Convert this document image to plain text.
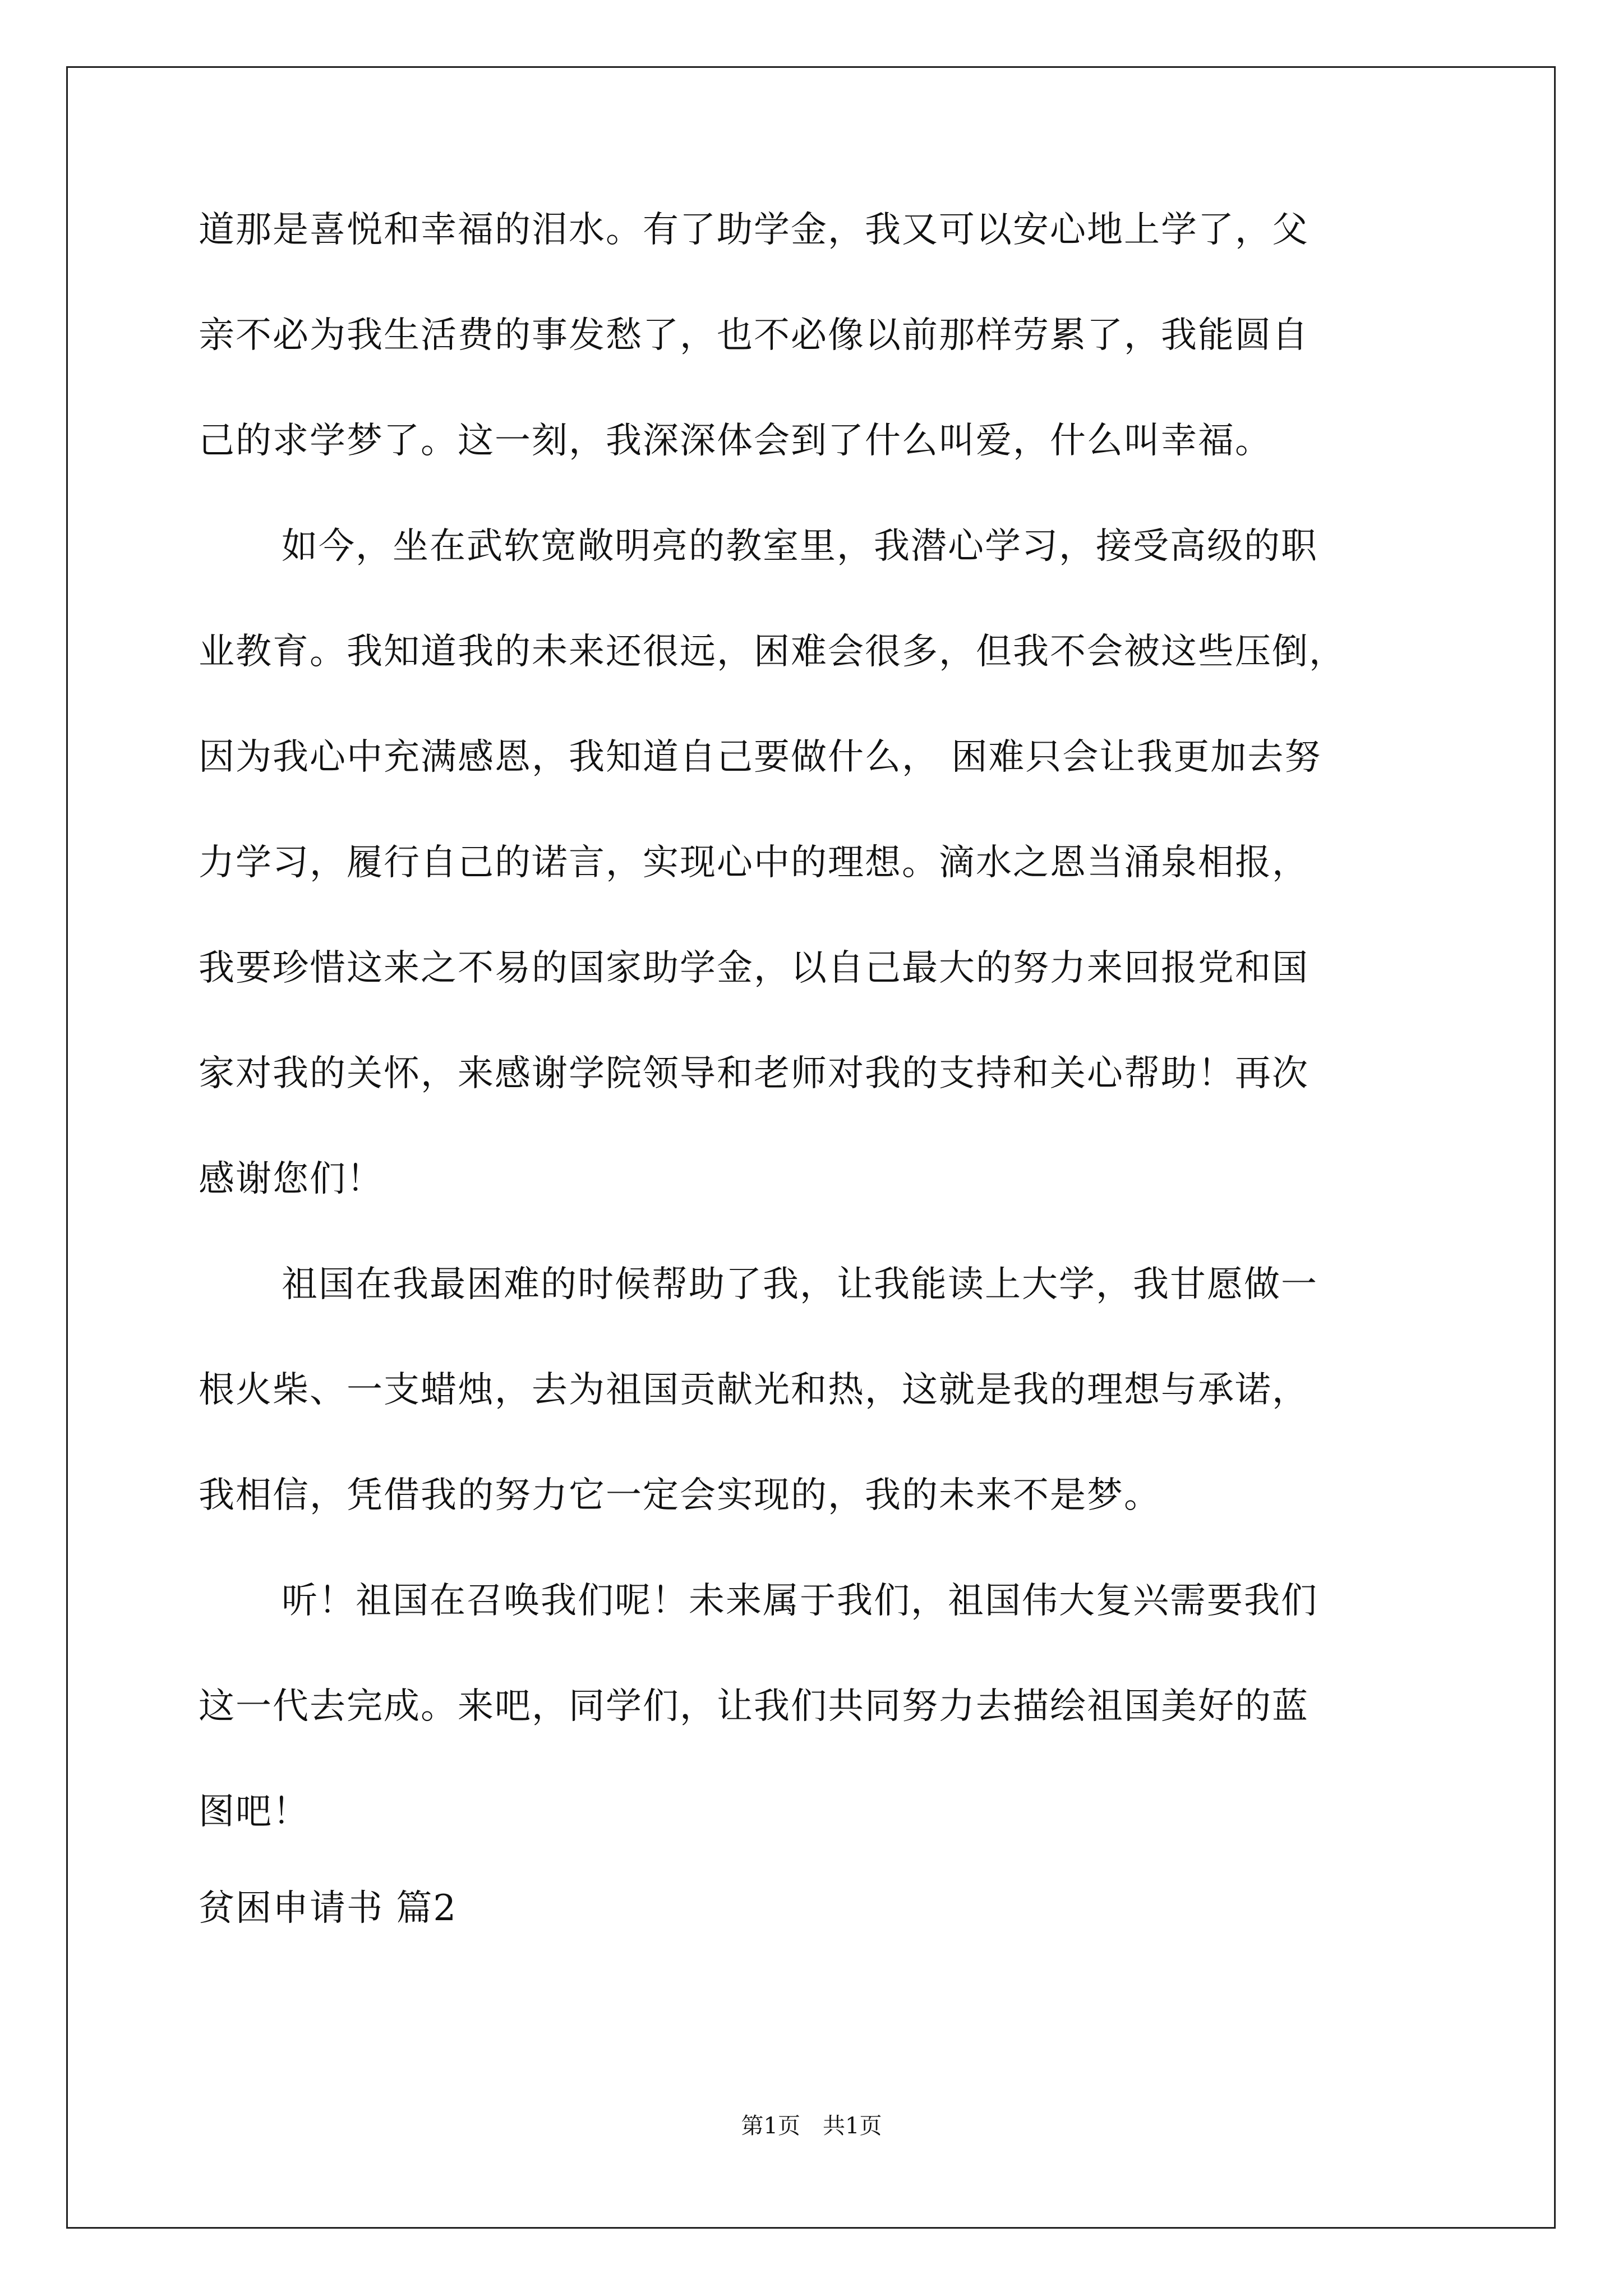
道那是喜悦和幸福的泪水。有了助学金，我又可以安心地上学了，父
亲不必为我生活费的事发愁了，也不必像以前那样劳累了，我能圆自
己的求学梦了。这一刻，我深深体会到了什么叫爱，什么叫幸福。
如今，坐在武软宽敞明亮的教室里，我潜心学习，接受高级的职
业教育。我知道我的未来还很远，困难会很多，但我不会被这些压倒，
因为我心中充满感恩，我知道自己要做什么， 困难只会让我更加去努
力学习，履行自己的诺言，实现心中的理想。滴水之恩当涌泉相报，
我要珍惜这来之不易的国家助学金，以自己最大的努力来回报党和国
家对我的关怀，来感谢学院领导和老师对我的支持和关心帮助！再次
感谢您们！
祖国在我最困难的时候帮助了我，让我能读上大学，我甘愿做一
根火柴、一支蜡烛，去为祖国贡献光和热，这就是我的理想与承诺，
我相信，凭借我的努力它一定会实现的，我的未来不是梦。
听！祖国在召唤我们呢！未来属于我们，祖国伟大复兴需要我们
这一代去完成。来吧，同学们，让我们共同努力去描绘祖国美好的蓝
图吧！
贫困申请书 篇2
第1页 共1页
